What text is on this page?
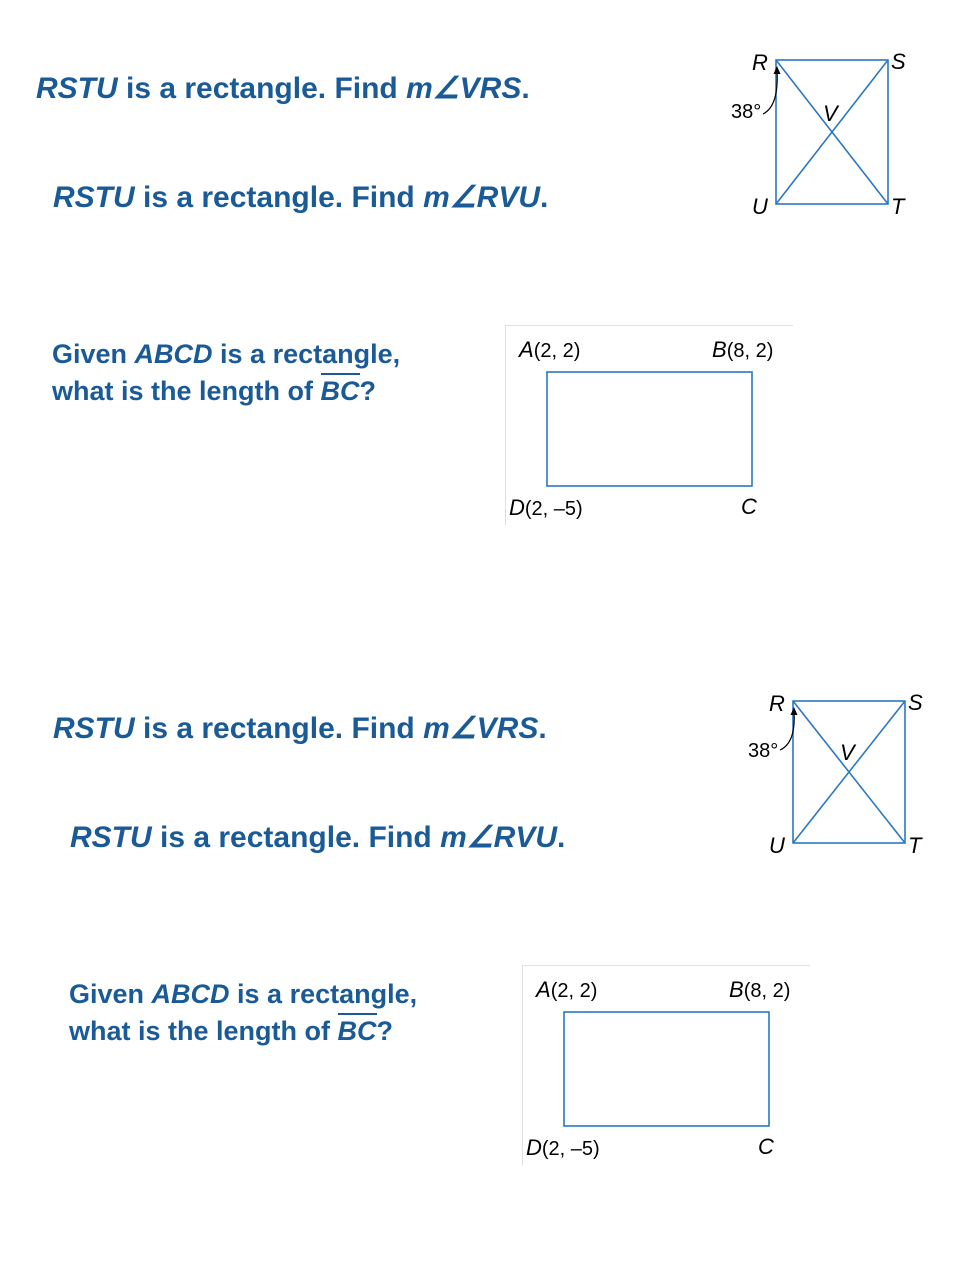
RSTU is a rectangle. Find m∠VRS.
RSTU is a rectangle. Find m∠RVU.
R	S
T
U
V
38°
Given ABCD is a rectangle,
what is the length of BC?
A(2, 2)	B(8, 2)
D(2, –5)	C
RSTU is a rectangle. Find m∠VRS.
RSTU is a rectangle. Find m∠RVU.
R	S
T
U
V
38°
Given ABCD is a rectangle,
what is the length of BC?
A(2, 2)	B(8, 2)
D(2, –5)	C
